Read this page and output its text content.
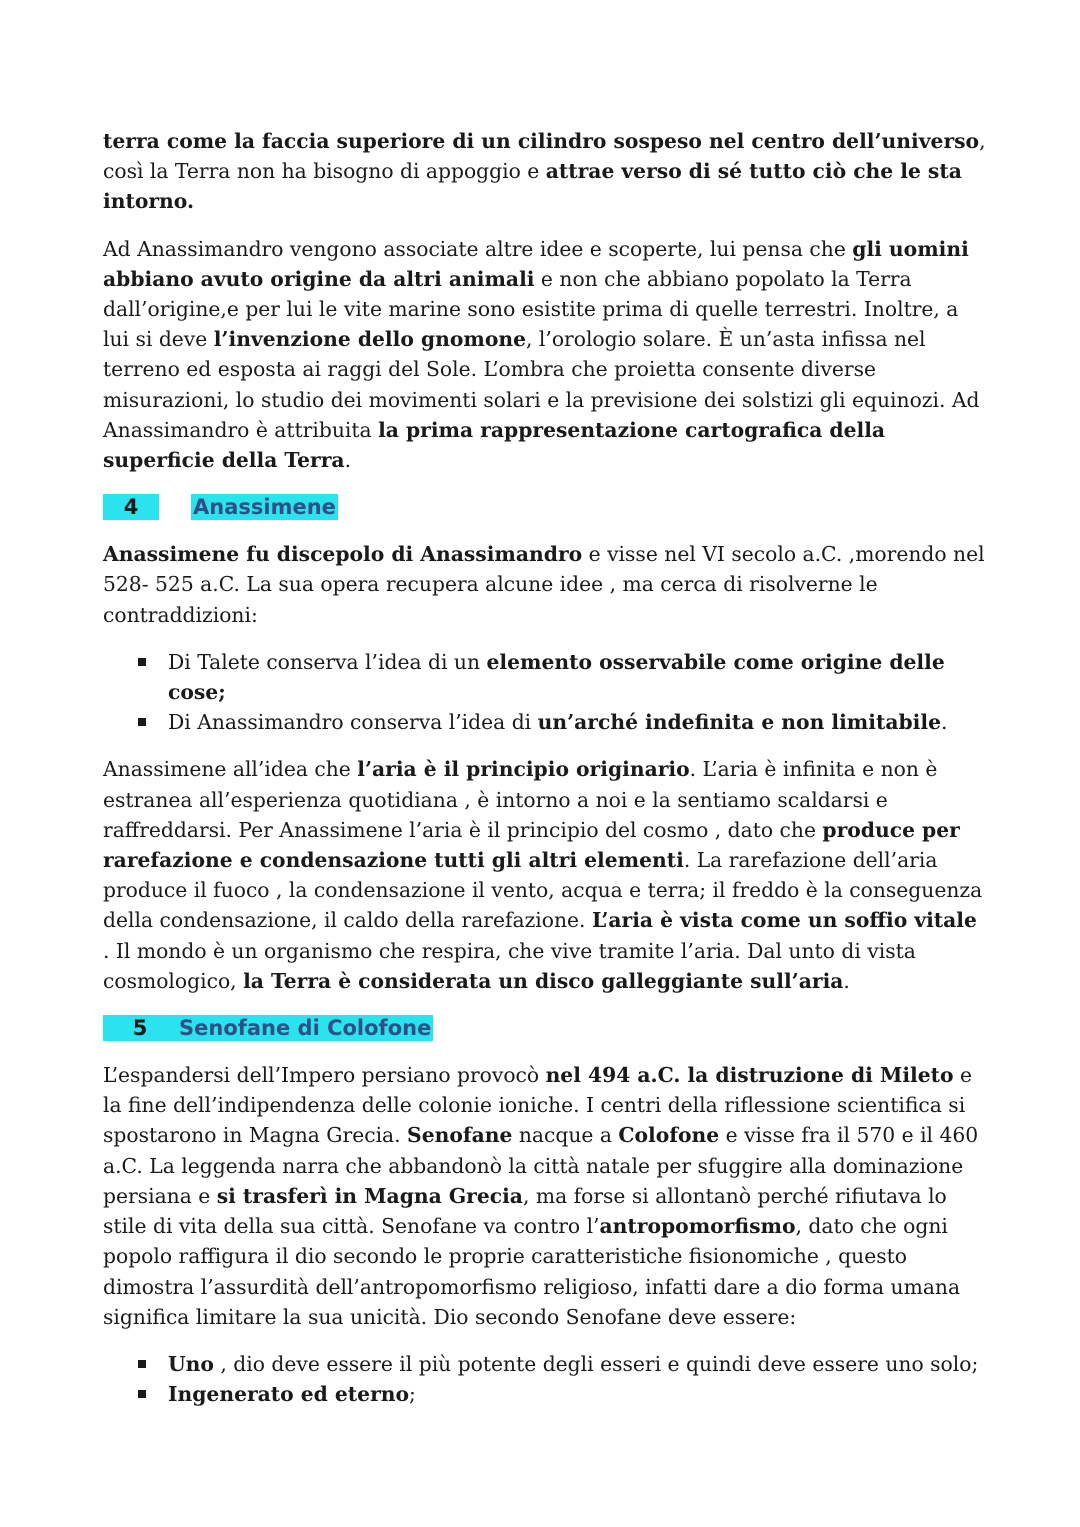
terra come la faccia superiore di un cilindro sospeso nel centro dell’universo, così la Terra non ha bisogno di appoggio e attrae verso di sé tutto ciò che le sta intorno.

Ad Anassimandro vengono associate altre idee e scoperte, lui pensa che gli uomini abbiano avuto origine da altri animali e non che abbiano popolato la Terra dall’origine,e per lui le vite marine sono esistite prima di quelle terrestri. Inoltre, a lui si deve l’invenzione dello gnomone, l’orologio solare. È un’asta infissa nel terreno ed esposta ai raggi del Sole. L’ombra che proietta consente diverse misurazioni, lo studio dei movimenti solari e la previsione dei solstizi gli equinozi. Ad Anassimandro è attribuita la prima rappresentazione cartografica della superficie della Terra.

4	Anassimene

Anassimene fu discepolo di Anassimandro e visse nel VI secolo a.C. ,morendo nel 528- 525 a.C. La sua opera recupera alcune idee , ma cerca di risolverne le contraddizioni:

Di Talete conserva l’idea di un elemento osservabile come origine delle cose;
Di Anassimandro conserva l’idea di un’arché indefinita e non limitabile.

Anassimene all’idea che l’aria è il principio originario. L’aria è infinita e non è estranea all’esperienza quotidiana , è intorno a noi e la sentiamo scaldarsi e raffreddarsi. Per Anassimene l’aria è il principio del cosmo , dato che produce per rarefazione e condensazione tutti gli altri elementi. La rarefazione dell’aria produce il fuoco , la condensazione il vento, acqua e terra; il freddo è la conseguenza della condensazione, il caldo della rarefazione. L’aria è vista come un soffio vitale . Il mondo è un organismo che respira, che vive tramite l’aria. Dal unto di vista cosmologico, la Terra è considerata un disco galleggiante sull’aria.

5	Senofane di Colofone

L’espandersi dell’Impero persiano provocò nel 494 a.C. la distruzione di Mileto e la fine dell’indipendenza delle colonie ioniche. I centri della riflessione scientifica si spostarono in Magna Grecia. Senofane nacque a Colofone e visse fra il 570 e il 460 a.C. La leggenda narra che abbandonò la città natale per sfuggire alla dominazione persiana e si trasferì in Magna Grecia, ma forse si allontanò perché rifiutava lo stile di vita della sua città. Senofane va contro l’antropomorfismo, dato che ogni popolo raffigura il dio secondo le proprie caratteristiche fisionomiche , questo dimostra l’assurdità dell’antropomorfismo religioso, infatti dare a dio forma umana significa limitare la sua unicità. Dio secondo Senofane deve essere:

Uno , dio deve essere il più potente degli esseri e quindi deve essere uno solo;
Ingenerato ed eterno;
